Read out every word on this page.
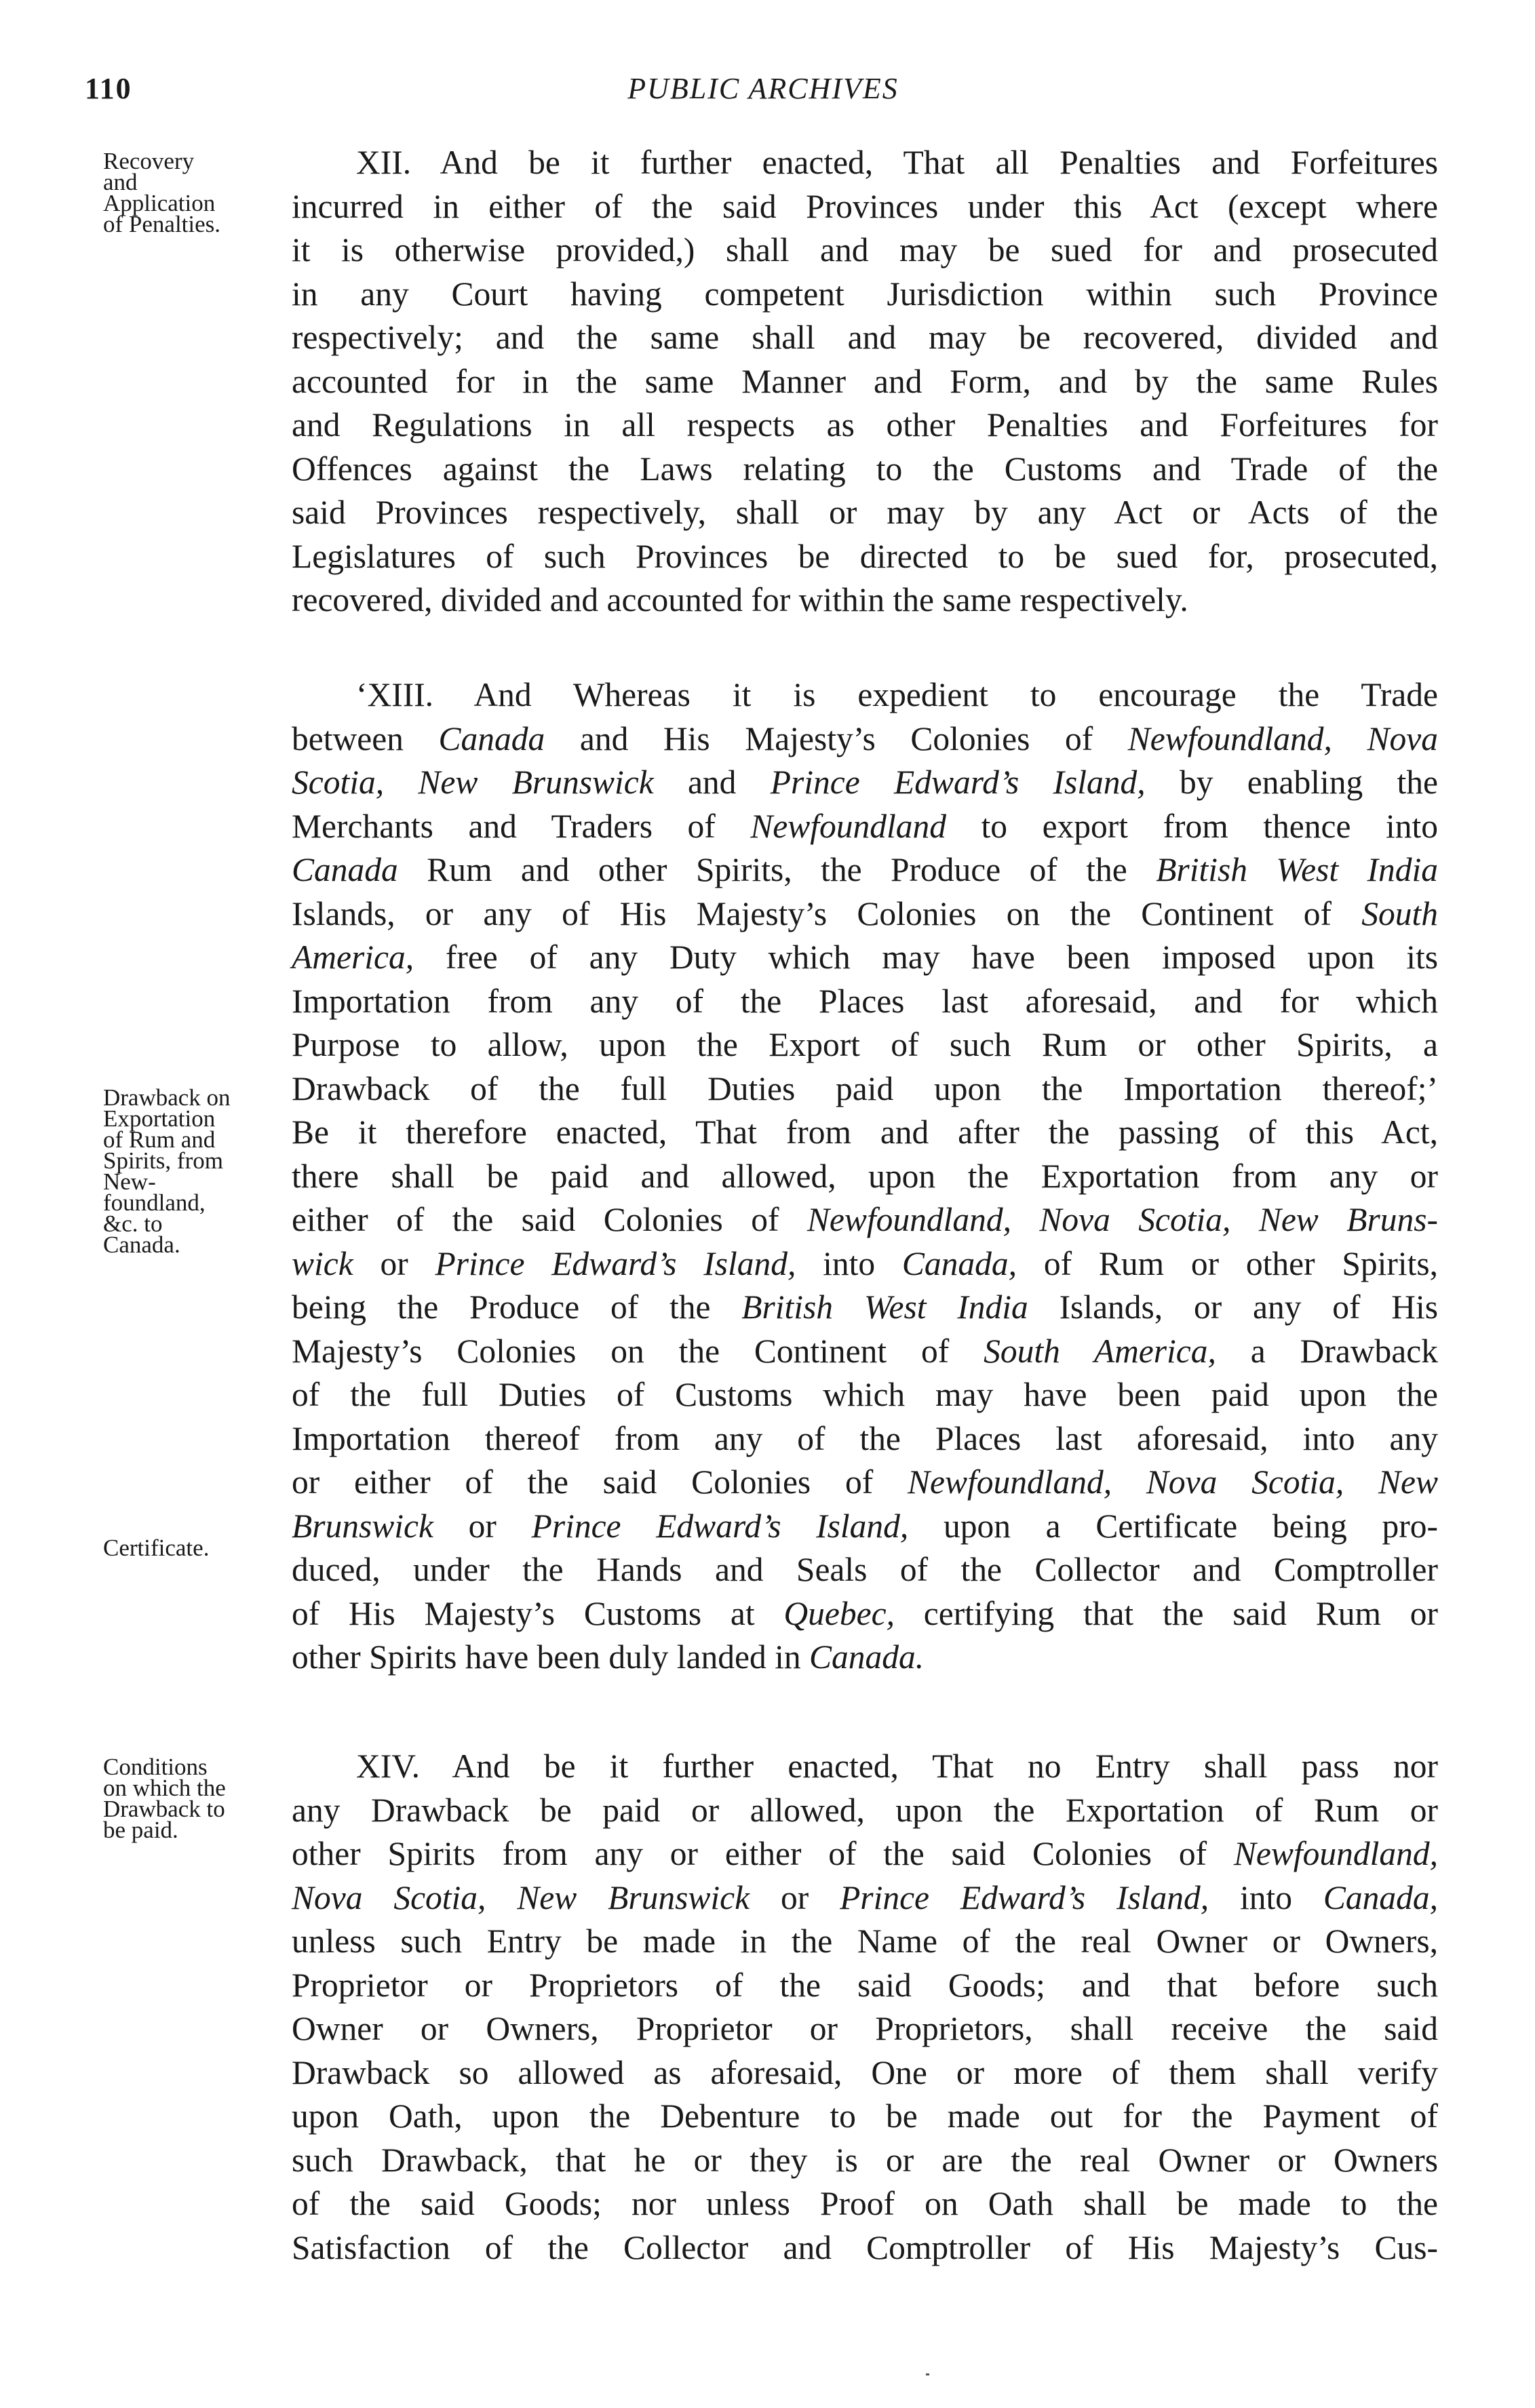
110	PUBLIC ARCHIVES
Recovery
and
Application
of Penalties.
Drawback on
Exportation
of Rum and
Spirits, from
New-
foundland,
&c. to
Canada.
Certificate.
Conditions
on which the
Drawback to
be paid.
XII. And be it further enacted, That all Penalties and Forfeitures
incurred in either of the said Provinces under this Act (except where
it is otherwise provided,) shall and may be sued for and prosecuted
in any Court having competent Jurisdiction within such Province
respectively; and the same shall and may be recovered, divided and
accounted for in the same Manner and Form, and by the same Rules
and Regulations in all respects as other Penalties and Forfeitures for
Offences against the Laws relating to the Customs and Trade of the
said Provinces respectively, shall or may by any Act or Acts of the
Legislatures of such Provinces be directed to be sued for, prosecuted,
recovered, divided and accounted for within the same respectively.
‘XIII. And Whereas it is expedient to encourage the Trade
between Canada and His Majesty’s Colonies of Newfoundland, Nova
Scotia, New Brunswick and Prince Edward’s Island, by enabling the
Merchants and Traders of Newfoundland to export from thence into
Canada Rum and other Spirits, the Produce of the British West India
Islands, or any of His Majesty’s Colonies on the Continent of South
America, free of any Duty which may have been imposed upon its
Importation from any of the Places last aforesaid, and for which
Purpose to allow, upon the Export of such Rum or other Spirits, a
Drawback of the full Duties paid upon the Importation thereof;’
Be it therefore enacted, That from and after the passing of this Act,
there shall be paid and allowed, upon the Exportation from any or
either of the said Colonies of Newfoundland, Nova Scotia, New Bruns-
wick or Prince Edward’s Island, into Canada, of Rum or other Spirits,
being the Produce of the British West India Islands, or any of His
Majesty’s Colonies on the Continent of South America, a Drawback
of the full Duties of Customs which may have been paid upon the
Importation thereof from any of the Places last aforesaid, into any
or either of the said Colonies of Newfoundland, Nova Scotia, New
Brunswick or Prince Edward’s Island, upon a Certificate being pro-
duced, under the Hands and Seals of the Collector and Comptroller
of His Majesty’s Customs at Quebec, certifying that the said Rum or
other Spirits have been duly landed in Canada.
XIV. And be it further enacted, That no Entry shall pass nor
any Drawback be paid or allowed, upon the Exportation of Rum or
other Spirits from any or either of the said Colonies of Newfoundland,
Nova Scotia, New Brunswick or Prince Edward’s Island, into Canada,
unless such Entry be made in the Name of the real Owner or Owners,
Proprietor or Proprietors of the said Goods; and that before such
Owner or Owners, Proprietor or Proprietors, shall receive the said
Drawback so allowed as aforesaid, One or more of them shall verify
upon Oath, upon the Debenture to be made out for the Payment of
such Drawback, that he or they is or are the real Owner or Owners
of the said Goods; nor unless Proof on Oath shall be made to the
Satisfaction of the Collector and Comptroller of His Majesty’s Cus-
